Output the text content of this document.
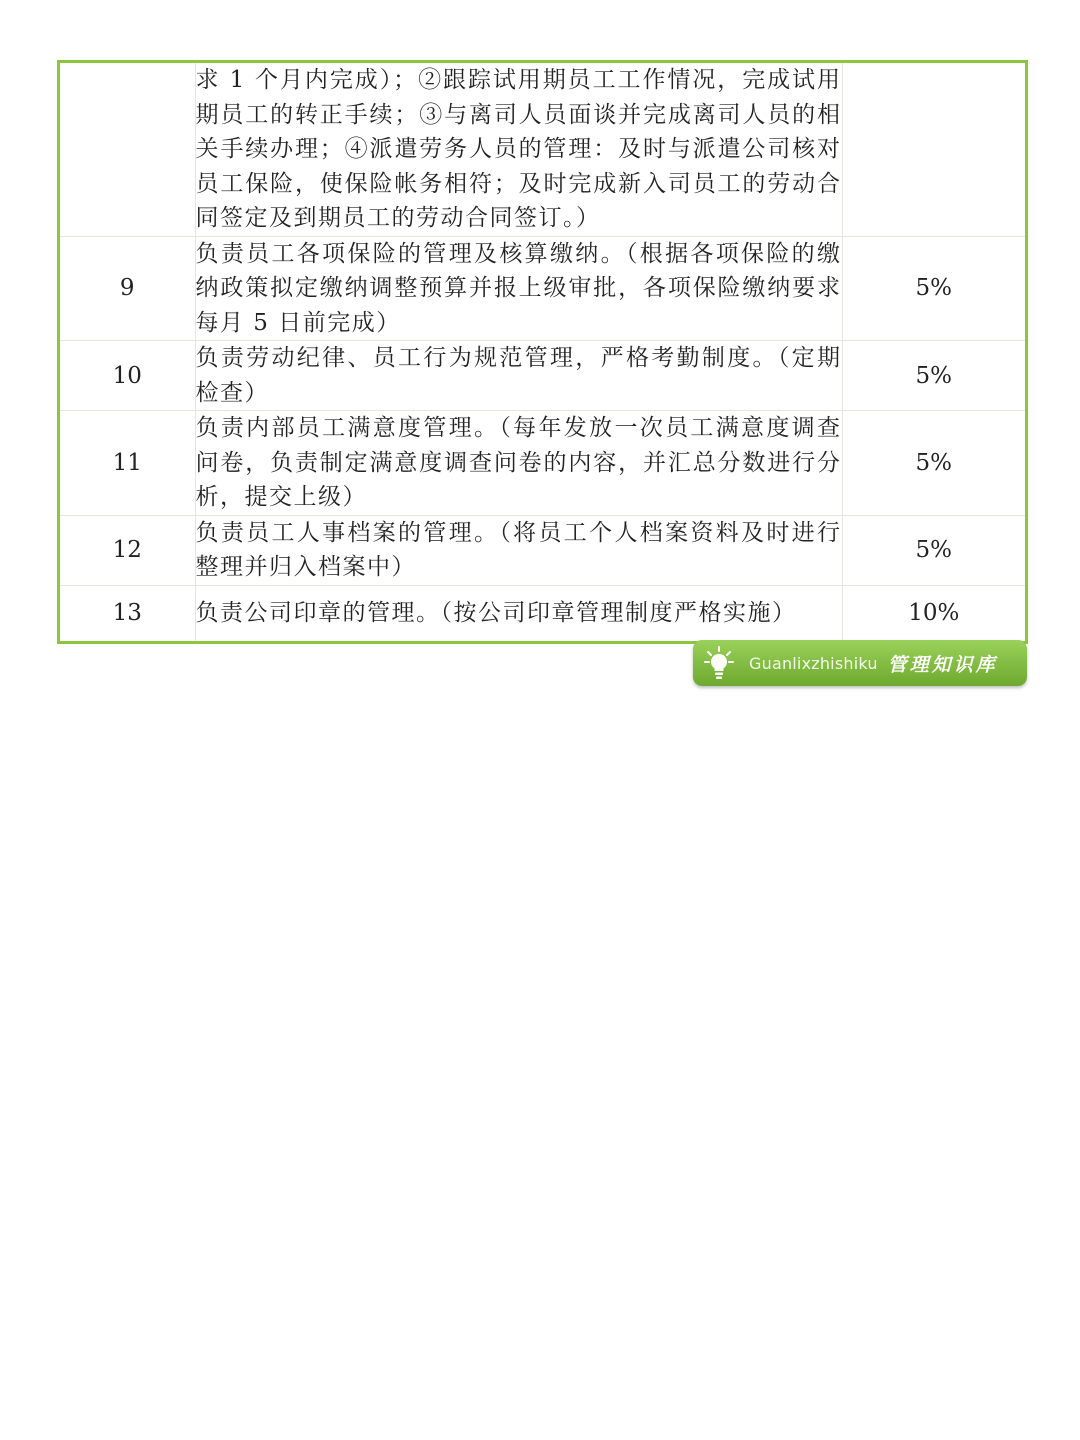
	求 1 个月内完成）；②跟踪试用期员工工作情况，完成试用期员工的转正手续；③与离司人员面谈并完成离司人员的相关手续办理；④派遣劳务人员的管理：及时与派遣公司核对员工保险，使保险帐务相符；及时完成新入司员工的劳动合同签定及到期员工的劳动合同签订。）	
9	负责员工各项保险的管理及核算缴纳。（根据各项保险的缴纳政策拟定缴纳调整预算并报上级审批，各项保险缴纳要求每月 5 日前完成）	5%
10	负责劳动纪律、员工行为规范管理，严格考勤制度。（定期检查）	5%
11	负责内部员工满意度管理。（每年发放一次员工满意度调查问卷，负责制定满意度调查问卷的内容，并汇总分数进行分析，提交上级）	5%
12	负责员工人事档案的管理。（将员工个人档案资料及时进行整理并归入档案中）	5%
13	负责公司印章的管理。（按公司印章管理制度严格实施）	10%
Guanlixzhishiku 管理知识库
